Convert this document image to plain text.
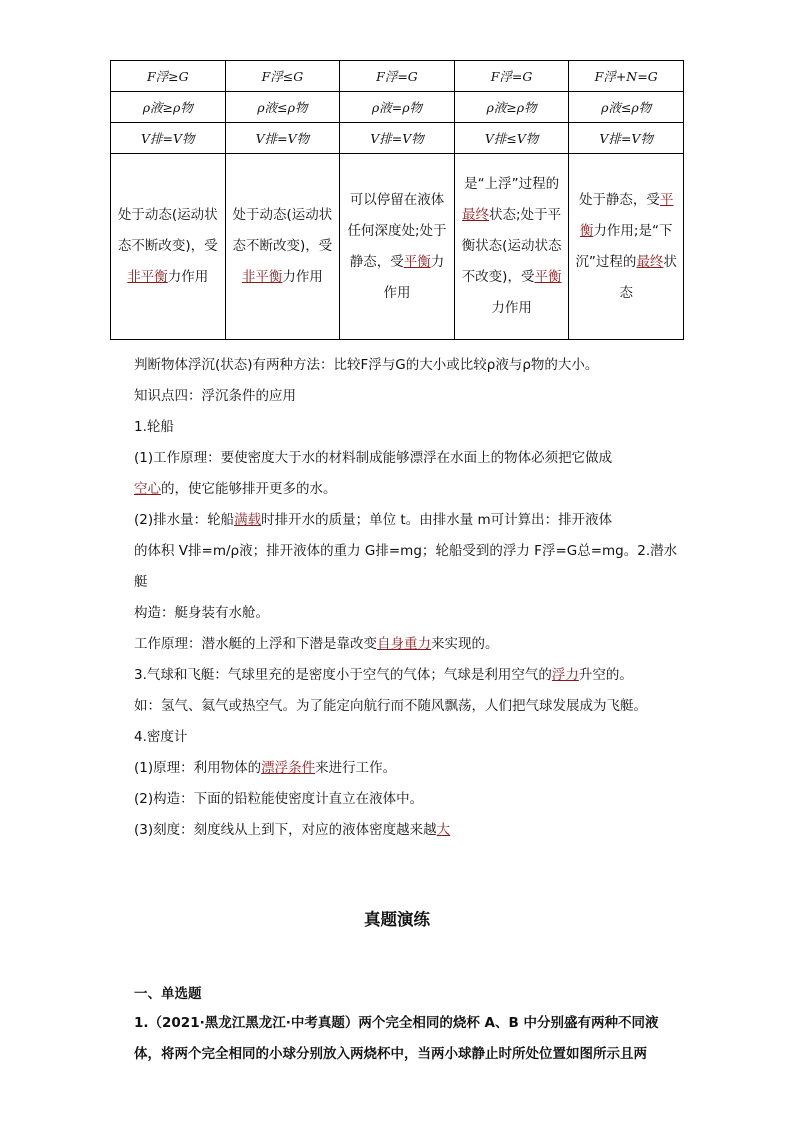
F浮≥G	F浮≤G	F浮=G	F浮=G	F浮+N=G
ρ液≥ρ物	ρ液≤ρ物	ρ液=ρ物	ρ液≥ρ物	ρ液≤ρ物
V排=V物	V排=V物	V排=V物	V排≤V物	V排=V物
处于动态(运动状态不断改变)，受非平衡力作用	处于动态(运动状态不断改变)，受非平衡力作用	可以停留在液体任何深度处;处于静态，受平衡力作用	是“上浮”过程的最终状态;处于平衡状态(运动状态不改变)，受平衡力作用	处于静态，受平衡力作用;是“下沉”过程的最终状态
判断物体浮沉(状态)有两种方法：比较F浮与G的大小或比较ρ液与ρ物的大小。
知识点四：浮沉条件的应用
1.轮船
(1)工作原理：要使密度大于水的材料制成能够漂浮在水面上的物体必须把它做成
空心的，使它能够排开更多的水。
(2)排水量：轮船满载时排开水的质量；单位 t。由排水量 m可计算出：排开液体
的体积 V排=m/ρ液；排开液体的重力 G排=mg；轮船受到的浮力 F浮=G总=mg。2.潜水
艇
构造：艇身装有水舱。
工作原理：潜水艇的上浮和下潜是靠改变自身重力来实现的。
3.气球和飞艇：气球里充的是密度小于空气的气体；气球是利用空气的浮力升空的。
如：氢气、氦气或热空气。为了能定向航行而不随风飘荡，人们把气球发展成为飞艇。
4.密度计
(1)原理：利用物体的漂浮条件来进行工作。
(2)构造：下面的铅粒能使密度计直立在液体中。
(3)刻度：刻度线从上到下，对应的液体密度越来越大
真题演练
一、单选题
1.（2021·黑龙江黑龙江·中考真题）两个完全相同的烧杯 A、B 中分别盛有两种不同液
体，将两个完全相同的小球分别放入两烧杯中，当两小球静止时所处位置如图所示且两
